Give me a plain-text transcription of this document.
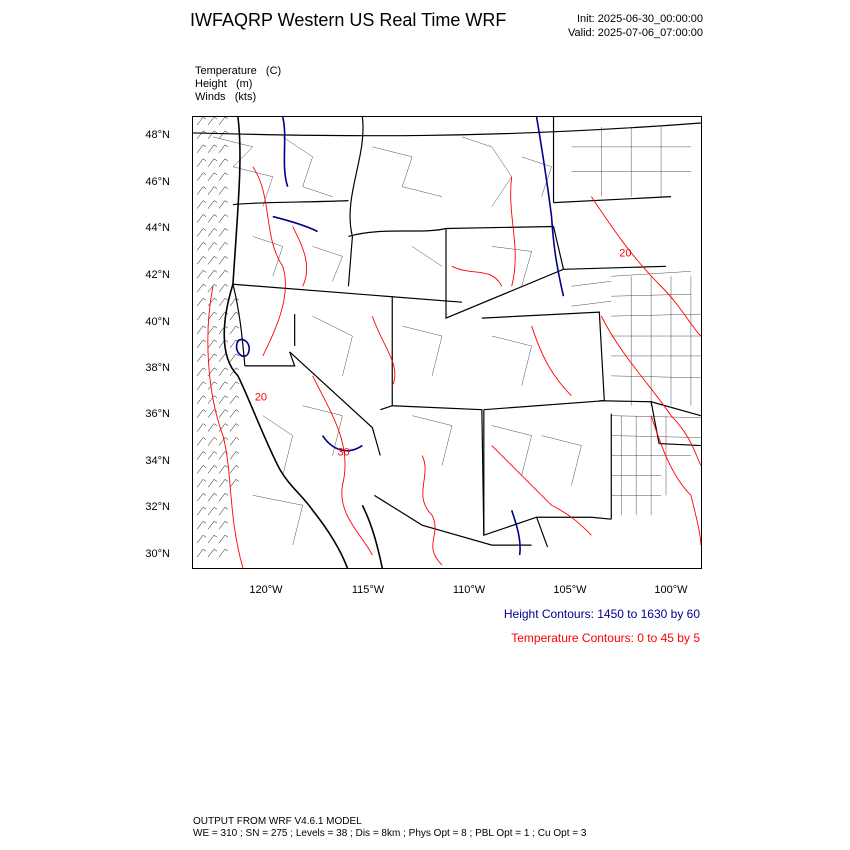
IWFAQRP Western US Real Time WRF	Init: 2025-06-30_00:00:00
Valid: 2025-07-06_07:00:00
Temperature   (C)
Height   (m)
Winds   (kts)
48°N
46°N
44°N
42°N
40°N
38°N
36°N
34°N
32°N
30°N
20
20
30
120°W	115°W	110°W	105°W	100°W
Height Contours: 1450 to 1630 by 60
Temperature Contours: 0 to 45 by 5
OUTPUT FROM WRF V4.6.1 MODEL
WE = 310 ; SN = 275 ; Levels = 38 ; Dis = 8km ; Phys Opt = 8 ; PBL Opt = 1 ; Cu Opt = 3
